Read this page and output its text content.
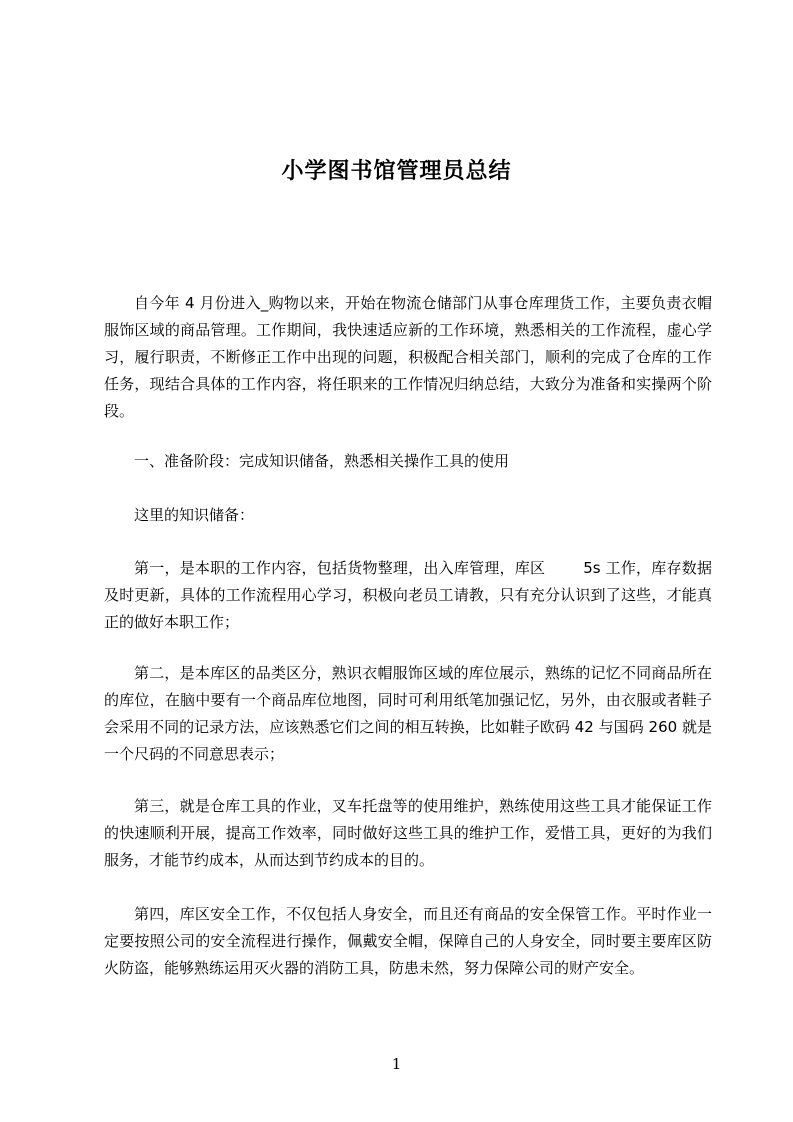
小学图书馆管理员总结

自今年 4 月份进入_购物以来，开始在物流仓储部门从事仓库理货工作，主要负责衣帽服饰区域的商品管理。工作期间，我快速适应新的工作环境，熟悉相关的工作流程，虚心学习，履行职责，不断修正工作中出现的问题，积极配合相关部门，顺利的完成了仓库的工作任务，现结合具体的工作内容，将任职来的工作情况归纳总结，大致分为准备和实操两个阶段。

一、准备阶段：完成知识储备，熟悉相关操作工具的使用

这里的知识储备：

第一，是本职的工作内容，包括货物整理，出入库管理，库区	5s 工作，库存数据及时更新，具体的工作流程用心学习，积极向老员工请教，只有充分认识到了这些，才能真正的做好本职工作；

第二，是本库区的品类区分，熟识衣帽服饰区域的库位展示，熟练的记忆不同商品所在的库位，在脑中要有一个商品库位地图，同时可利用纸笔加强记忆，另外，由衣服或者鞋子会采用不同的记录方法，应该熟悉它们之间的相互转换，比如鞋子欧码 42 与国码 260 就是一个尺码的不同意思表示；

第三，就是仓库工具的作业，叉车托盘等的使用维护，熟练使用这些工具才能保证工作的快速顺利开展，提高工作效率，同时做好这些工具的维护工作，爱惜工具，更好的为我们服务，才能节约成本，从而达到节约成本的目的。

第四，库区安全工作，不仅包括人身安全，而且还有商品的安全保管工作。平时作业一定要按照公司的安全流程进行操作，佩戴安全帽，保障自己的人身安全，同时要主要库区防火防盗，能够熟练运用灭火器的消防工具，防患未然，努力保障公司的财产安全。

1
